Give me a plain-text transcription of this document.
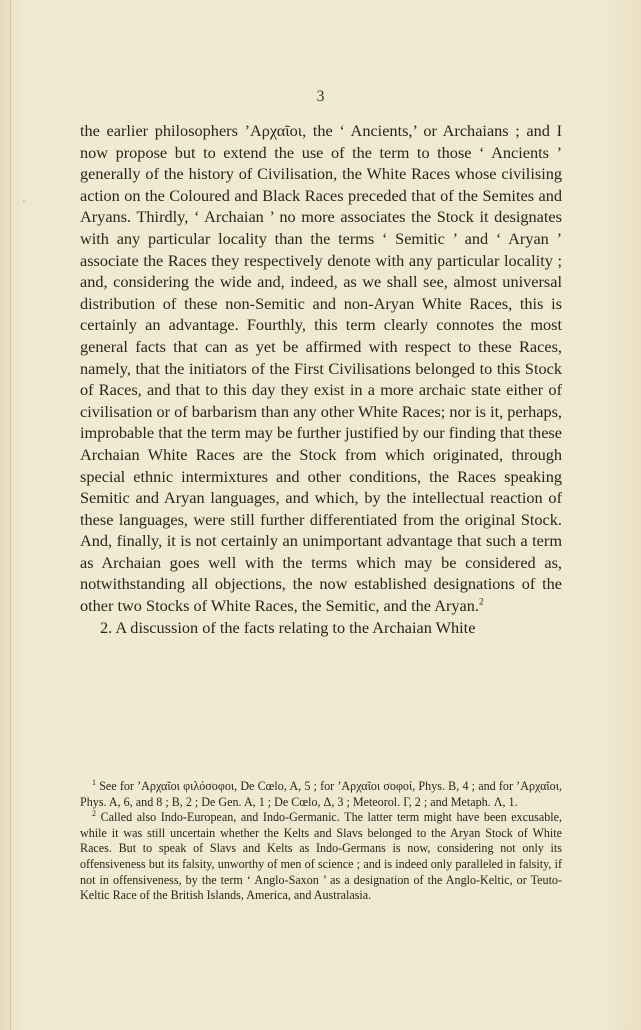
’
3

the earlier philosophers ’Αρχαῖοι, the ‘ Ancients,’ or Archaians ; and I now propose but to extend the use of the term to those ‘ Ancients ’ generally of the history of Civilisation, the White Races whose civilising action on the Coloured and Black Races preceded that of the Semites and Aryans. Thirdly, ‘ Archaian ’ no more associates the Stock it designates with any particular locality than the terms ‘ Semitic ’ and ‘ Aryan ’ associate the Races they respectively denote with any particular locality ; and, considering the wide and, indeed, as we shall see, almost universal distribution of these non-Semitic and non-Aryan White Races, this is certainly an advantage. Fourthly, this term clearly connotes the most general facts that can as yet be affirmed with respect to these Races, namely, that the initiators of the First Civilisations belonged to this Stock of Races, and that to this day they exist in a more archaic state either of civilisation or of barbarism than any other White Races; nor is it, perhaps, improbable that the term may be further justified by our finding that these Archaian White Races are the Stock from which originated, through special ethnic intermixtures and other conditions, the Races speaking Semitic and Aryan languages, and which, by the intellectual reaction of these languages, were still further differentiated from the original Stock. And, finally, it is not certainly an unimportant advantage that such a term as Archaian goes well with the terms which may be considered as, notwithstanding all objections, the now established designations of the other two Stocks of White Races, the Semitic, and the Aryan.$^2$

2. A discussion of the facts relating to the Archaian White

$^1$ See for ’Αρχαῖοι φιλόσοφοι, De Cœlo, A, 5 ; for ’Αρχαῖοι σοφοί, Phys. B, 4 ; and for ’Αρχαῖοι, Phys. A, 6, and 8 ; B, 2 ; De Gen. A, 1 ; De Cœlo, Δ, 3 ; Meteorol. Γ, 2 ; and Metaph. Λ, 1.

$^2$ Called also Indo-European, and Indo-Germanic. The latter term might have been excusable, while it was still uncertain whether the Kelts and Slavs belonged to the Aryan Stock of White Races. But to speak of Slavs and Kelts as Indo-Germans is now, considering not only its offensiveness but its falsity, unworthy of men of science ; and is indeed only paralleled in falsity, if not in offensiveness, by the term ‘ Anglo-Saxon ’ as a designation of the Anglo-Keltic, or Teuto-Keltic Race of the British Islands, America, and Australasia.
